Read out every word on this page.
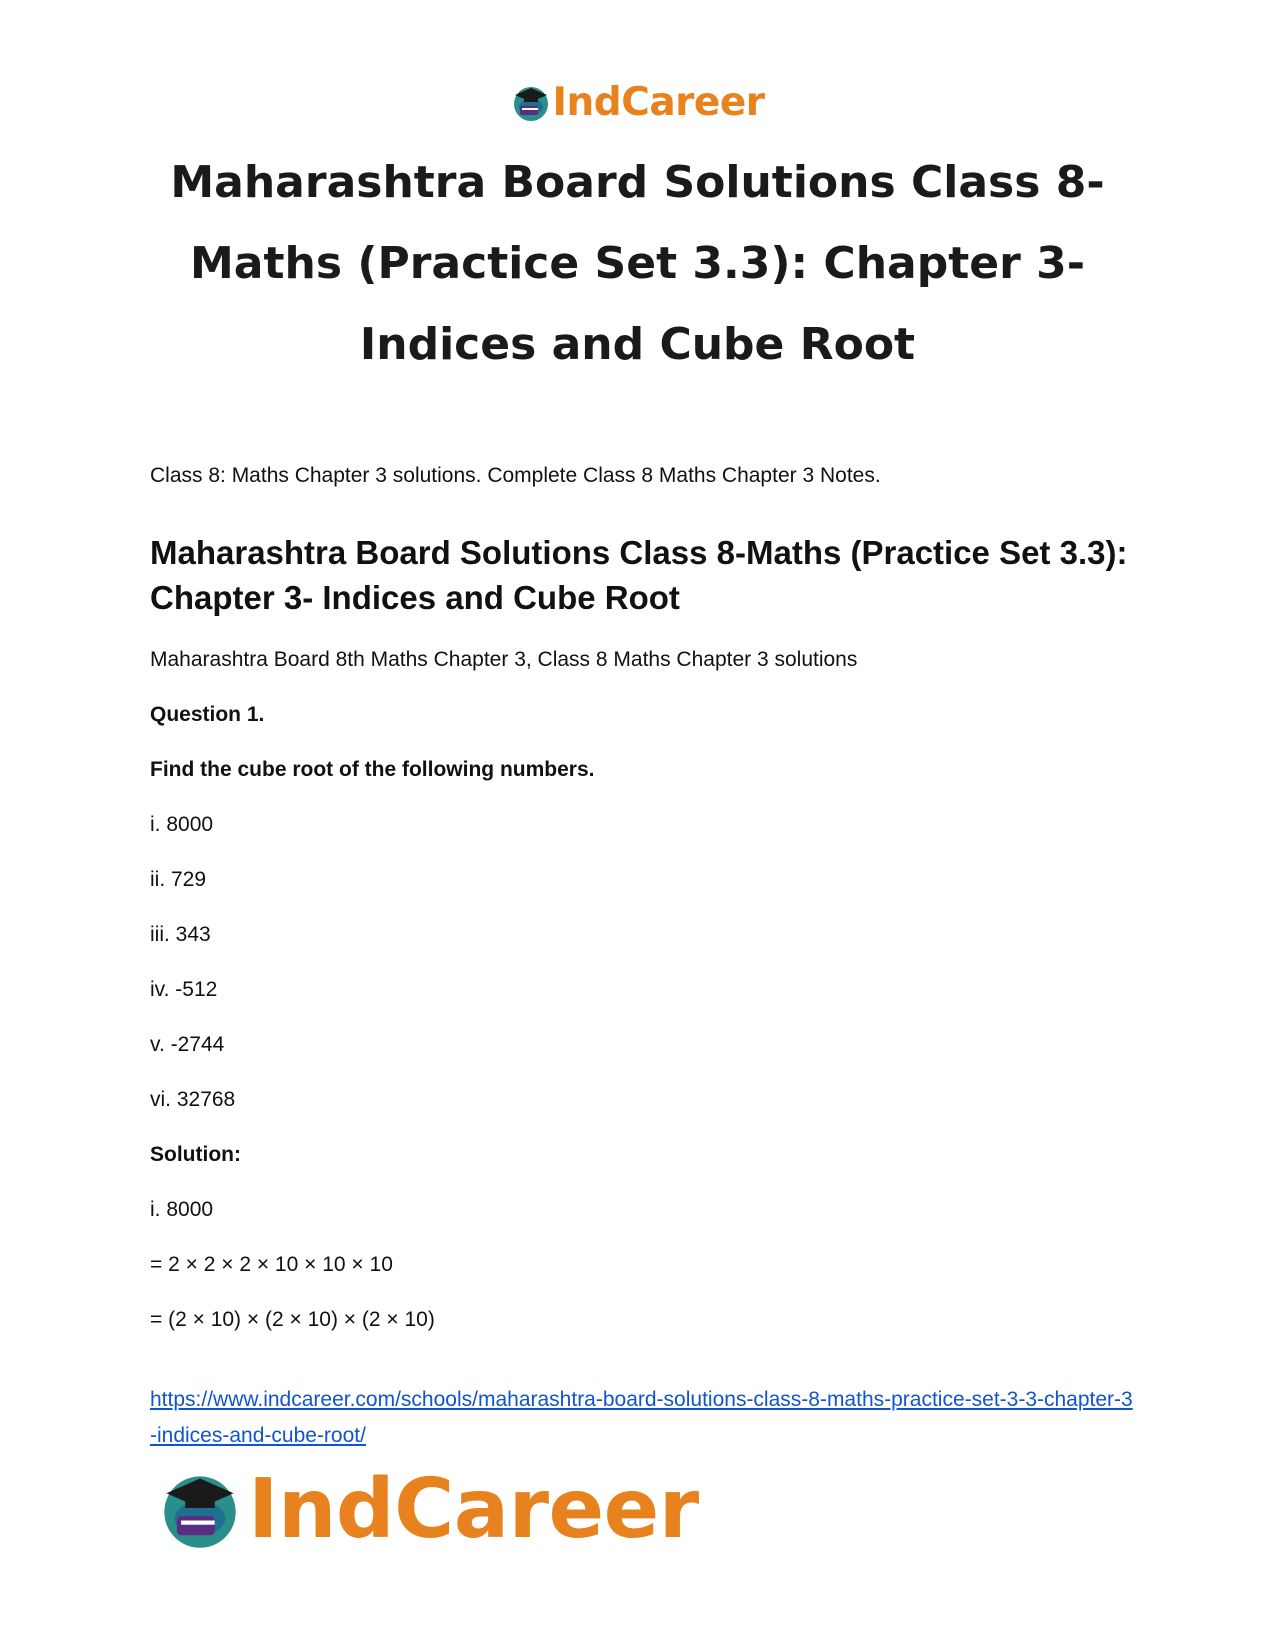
IndCareer
Maharashtra Board Solutions Class 8-Maths (Practice Set 3.3): Chapter 3- Indices and Cube Root

Class 8: Maths Chapter 3 solutions. Complete Class 8 Maths Chapter 3 Notes.

Maharashtra Board Solutions Class 8-Maths (Practice Set 3.3): Chapter 3- Indices and Cube Root

Maharashtra Board 8th Maths Chapter 3, Class 8 Maths Chapter 3 solutions

Question 1.

Find the cube root of the following numbers.

i. 8000

ii. 729

iii. 343

iv. -512

v. -2744

vi. 32768

Solution:

i. 8000

= 2 × 2 × 2 × 10 × 10 × 10

= (2 × 10) × (2 × 10) × (2 × 10)

https://www.indcareer.com/schools/maharashtra-board-solutions-class-8-maths-practice-set-3-3-chapter-3-indices-and-cube-root/
IndCareer
